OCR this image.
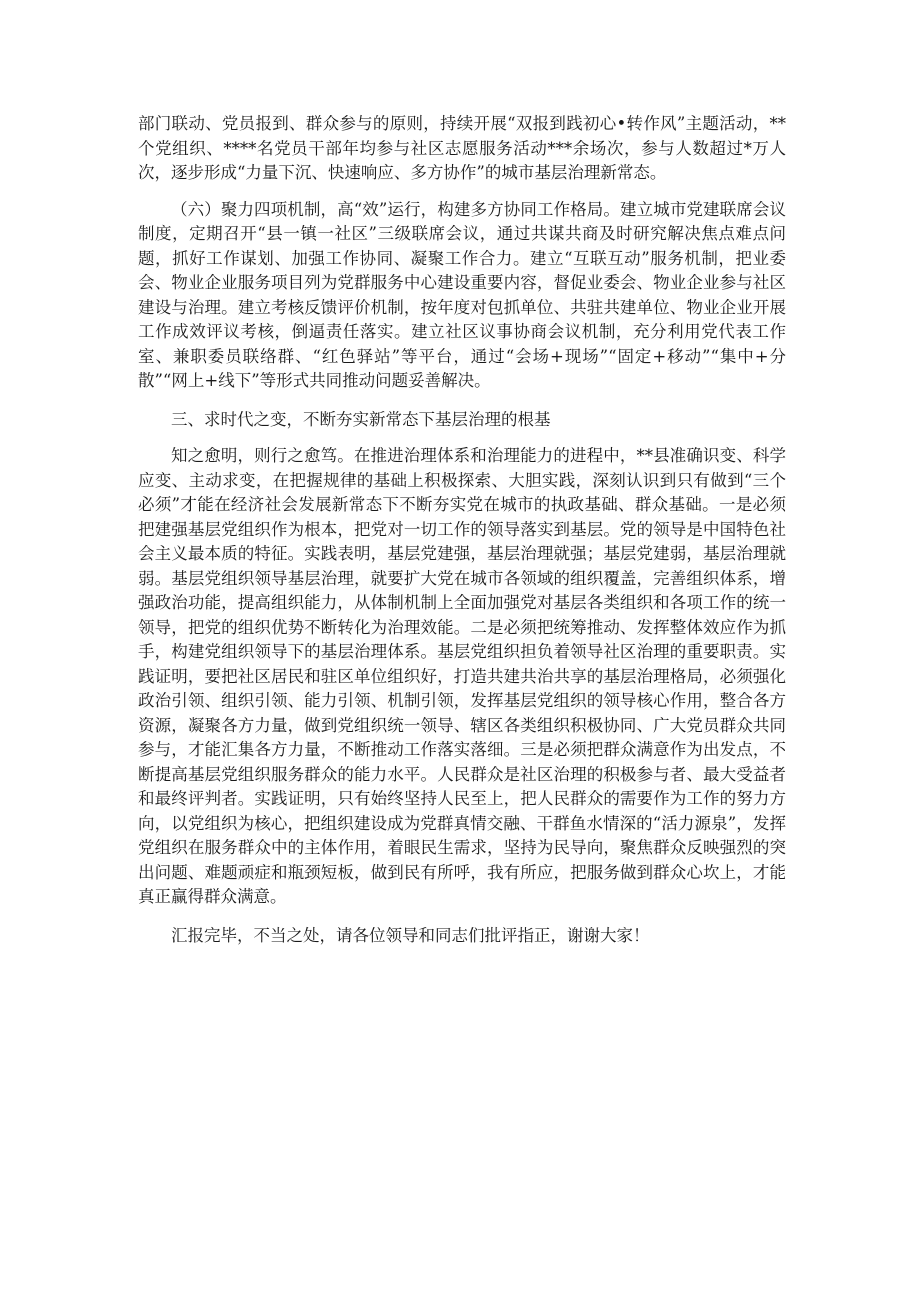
部门联动、党员报到、群众参与的原则，持续开展“双报到践初心•转作风”主题活动，**个党组织、****名党员干部年均参与社区志愿服务活动***余场次，参与人数超过*万人次，逐步形成“力量下沉、快速响应、多方协作”的城市基层治理新常态。

（六）聚力四项机制，高“效”运行，构建多方协同工作格局。建立城市党建联席会议制度，定期召开“县一镇一社区”三级联席会议，通过共谋共商及时研究解决焦点难点问题，抓好工作谋划、加强工作协同、凝聚工作合力。建立“互联互动”服务机制，把业委会、物业企业服务项目列为党群服务中心建设重要内容，督促业委会、物业企业参与社区建设与治理。建立考核反馈评价机制，按年度对包抓单位、共驻共建单位、物业企业开展工作成效评议考核，倒逼责任落实。建立社区议事协商会议机制，充分利用党代表工作室、兼职委员联络群、“红色驿站”等平台，通过“会场+现场”“固定+移动”“集中+分散”“网上+线下”等形式共同推动问题妥善解决。

三、求时代之变，不断夯实新常态下基层治理的根基

知之愈明，则行之愈笃。在推进治理体系和治理能力的进程中，**县准确识变、科学应变、主动求变，在把握规律的基础上积极探索、大胆实践，深刻认识到只有做到“三个必须”才能在经济社会发展新常态下不断夯实党在城市的执政基础、群众基础。一是必须把建强基层党组织作为根本，把党对一切工作的领导落实到基层。党的领导是中国特色社会主义最本质的特征。实践表明，基层党建强，基层治理就强；基层党建弱，基层治理就弱。基层党组织领导基层治理，就要扩大党在城市各领域的组织覆盖，完善组织体系，增强政治功能，提高组织能力，从体制机制上全面加强党对基层各类组织和各项工作的统一领导，把党的组织优势不断转化为治理效能。二是必须把统筹推动、发挥整体效应作为抓手，构建党组织领导下的基层治理体系。基层党组织担负着领导社区治理的重要职责。实践证明，要把社区居民和驻区单位组织好，打造共建共治共享的基层治理格局，必须强化政治引领、组织引领、能力引领、机制引领，发挥基层党组织的领导核心作用，整合各方资源，凝聚各方力量，做到党组织统一领导、辖区各类组织积极协同、广大党员群众共同参与，才能汇集各方力量，不断推动工作落实落细。三是必须把群众满意作为出发点，不断提高基层党组织服务群众的能力水平。人民群众是社区治理的积极参与者、最大受益者和最终评判者。实践证明，只有始终坚持人民至上，把人民群众的需要作为工作的努力方向，以党组织为核心，把组织建设成为党群真情交融、干群鱼水情深的“活力源泉”，发挥党组织在服务群众中的主体作用，着眼民生需求，坚持为民导向，聚焦群众反映强烈的突出问题、难题顽症和瓶颈短板，做到民有所呼，我有所应，把服务做到群众心坎上，才能真正赢得群众满意。

汇报完毕，不当之处，请各位领导和同志们批评指正，谢谢大家！
